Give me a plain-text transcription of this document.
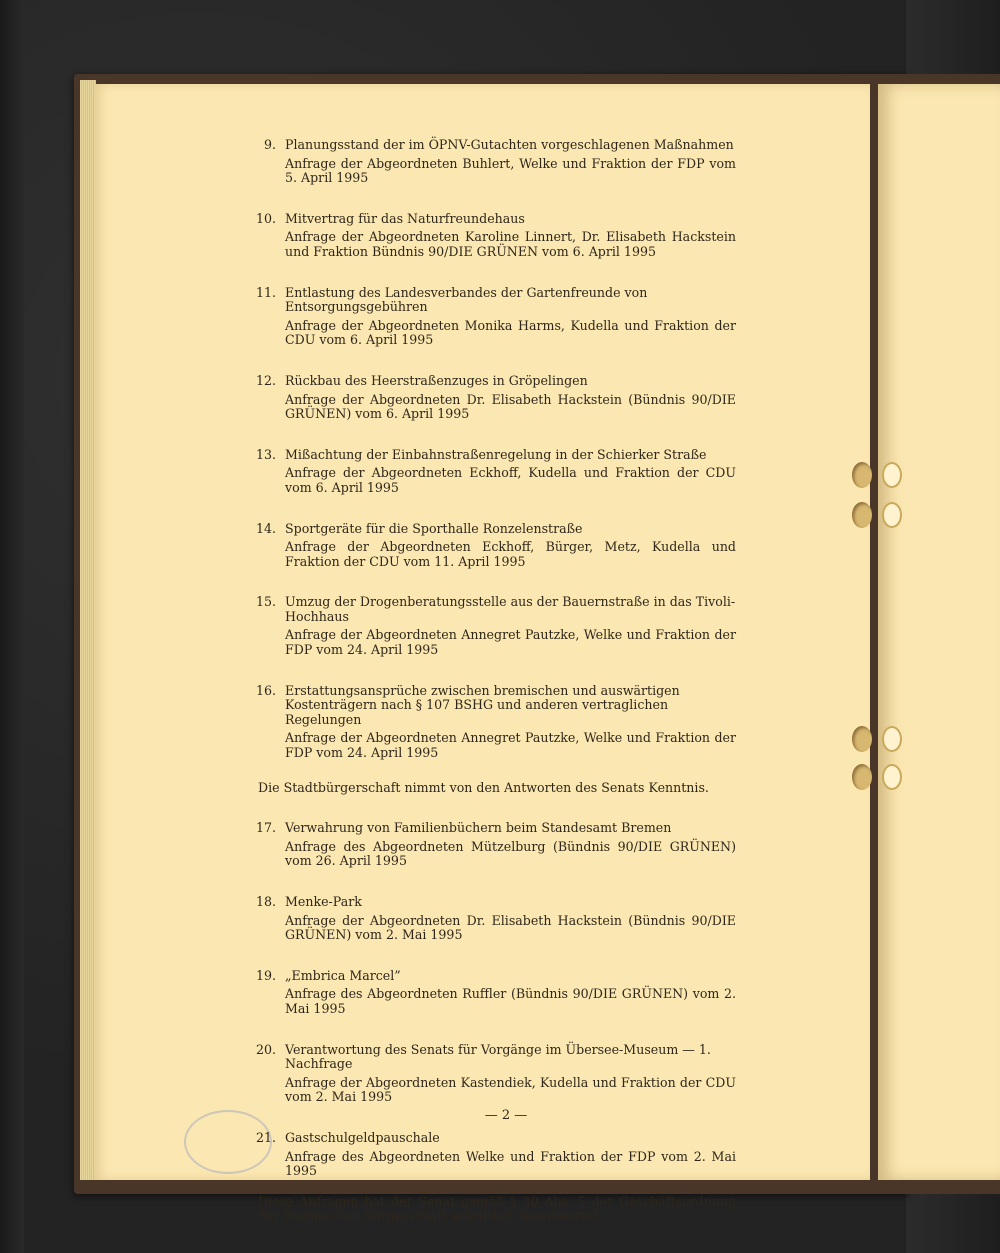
9. Planungsstand der im ÖPNV-Gutachten vorgeschlagenen Maßnahmen
Anfrage der Abgeordneten Buhlert, Welke und Fraktion der FDP vom 5. April 1995
10. Mitvertrag für das Naturfreundehaus
Anfrage der Abgeordneten Karoline Linnert, Dr. Elisabeth Hackstein und Fraktion Bündnis 90/DIE GRÜNEN vom 6. April 1995
11. Entlastung des Landesverbandes der Gartenfreunde von Entsorgungsgebühren
Anfrage der Abgeordneten Monika Harms, Kudella und Fraktion der CDU vom 6. April 1995
12. Rückbau des Heerstraßenzuges in Gröpelingen
Anfrage der Abgeordneten Dr. Elisabeth Hackstein (Bündnis 90/DIE GRÜNEN) vom 6. April 1995
13. Mißachtung der Einbahnstraßenregelung in der Schierker Straße
Anfrage der Abgeordneten Eckhoff, Kudella und Fraktion der CDU vom 6. April 1995
14. Sportgeräte für die Sporthalle Ronzelenstraße
Anfrage der Abgeordneten Eckhoff, Bürger, Metz, Kudella und Fraktion der CDU vom 11. April 1995
15. Umzug der Drogenberatungsstelle aus der Bauernstraße in das Tivoli-Hochhaus
Anfrage der Abgeordneten Annegret Pautzke, Welke und Fraktion der FDP vom 24. April 1995
16. Erstattungsansprüche zwischen bremischen und auswärtigen Kostenträgern nach § 107 BSHG und anderen vertraglichen Regelungen
Anfrage der Abgeordneten Annegret Pautzke, Welke und Fraktion der FDP vom 24. April 1995
Die Stadtbürgerschaft nimmt von den Antworten des Senats Kenntnis.
17. Verwahrung von Familienbüchern beim Standesamt Bremen
Anfrage des Abgeordneten Mützelburg (Bündnis 90/DIE GRÜNEN) vom 26. April 1995
18. Menke-Park
Anfrage der Abgeordneten Dr. Elisabeth Hackstein (Bündnis 90/DIE GRÜNEN) vom 2. Mai 1995
19. „Embrica Marcel”
Anfrage des Abgeordneten Ruffler (Bündnis 90/DIE GRÜNEN) vom 2. Mai 1995
20. Verantwortung des Senats für Vorgänge im Übersee-Museum — 1. Nachfrage
Anfrage der Abgeordneten Kastendiek, Kudella und Fraktion der CDU vom 2. Mai 1995
21. Gastschulgeldpauschale
Anfrage des Abgeordneten Welke und Fraktion der FDP vom 2. Mai 1995
Diese Anfragen hat der Senat gemäß § 30 Abs. 5 der Geschäftsordnung der Bremischen Bürgerschaft schriftlich beantwortet.
— 2 —
